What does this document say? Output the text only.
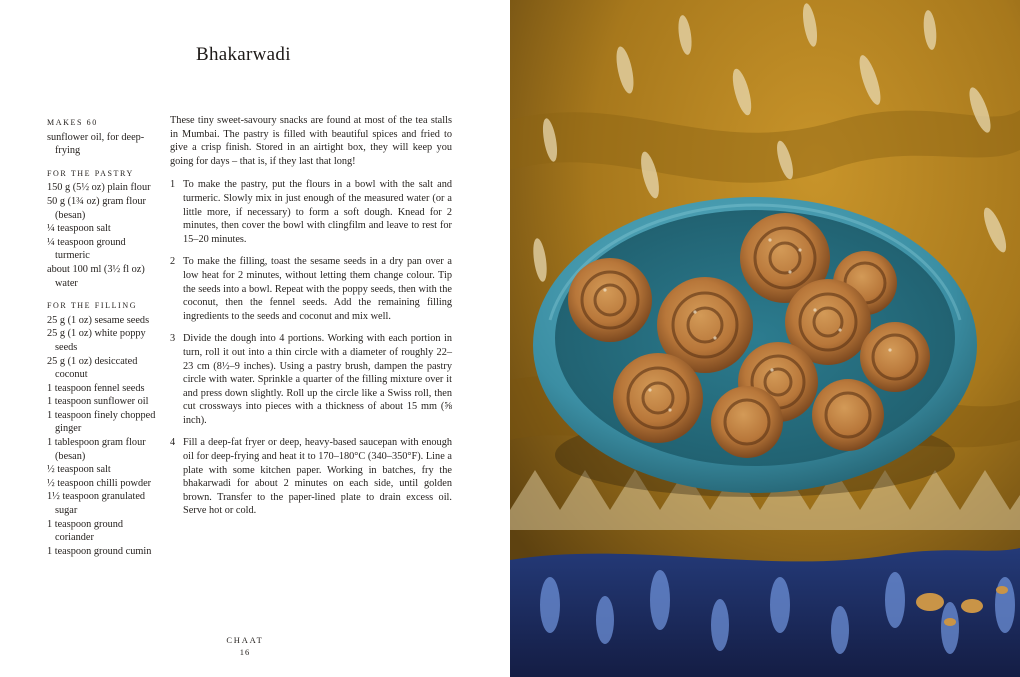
Bhakarwadi
MAKES 60
sunflower oil, for deep-frying
FOR THE PASTRY
150 g (5½ oz) plain flour
50 g (1¾ oz) gram flour (besan)
¼ teaspoon salt
¼ teaspoon ground turmeric
about 100 ml (3½ fl oz) water
FOR THE FILLING
25 g (1 oz) sesame seeds
25 g (1 oz) white poppy seeds
25 g (1 oz) desiccated coconut
1 teaspoon fennel seeds
1 teaspoon sunflower oil
1 teaspoon finely chopped ginger
1 tablespoon gram flour (besan)
½ teaspoon salt
½ teaspoon chilli powder
1½ teaspoon granulated sugar
1 teaspoon ground coriander
1 teaspoon ground cumin

These tiny sweet-savoury snacks are found at most of the tea stalls in Mumbai. The pastry is filled with beautiful spices and fried to give a crisp finish. Stored in an airtight box, they will keep you going for days – that is, if they last that long!

1 To make the pastry, put the flours in a bowl with the salt and turmeric. Slowly mix in just enough of the measured water (or a little more, if necessary) to form a soft dough. Knead for 2 minutes, then cover the bowl with clingfilm and leave to rest for 15–20 minutes.
2 To make the filling, toast the sesame seeds in a dry pan over a low heat for 2 minutes, without letting them change colour. Tip the seeds into a bowl. Repeat with the poppy seeds, then with the coconut, then the fennel seeds. Add the remaining filling ingredients to the seeds and coconut and mix well.
3 Divide the dough into 4 portions. Working with each portion in turn, roll it out into a thin circle with a diameter of roughly 22–23 cm (8½–9 inches). Using a pastry brush, dampen the pastry circle with water. Sprinkle a quarter of the filling mixture over it and press down slightly. Roll up the circle like a Swiss roll, then cut crossways into pieces with a thickness of about 15 mm (⅝ inch).
4 Fill a deep-fat fryer or deep, heavy-based saucepan with enough oil for deep-frying and heat it to 170–180°C (340–350°F). Line a plate with some kitchen paper. Working in batches, fry the bhakarwadi for about 2 minutes on each side, until golden brown. Transfer to the paper-lined plate to drain excess oil. Serve hot or cold.
CHAAT
16
